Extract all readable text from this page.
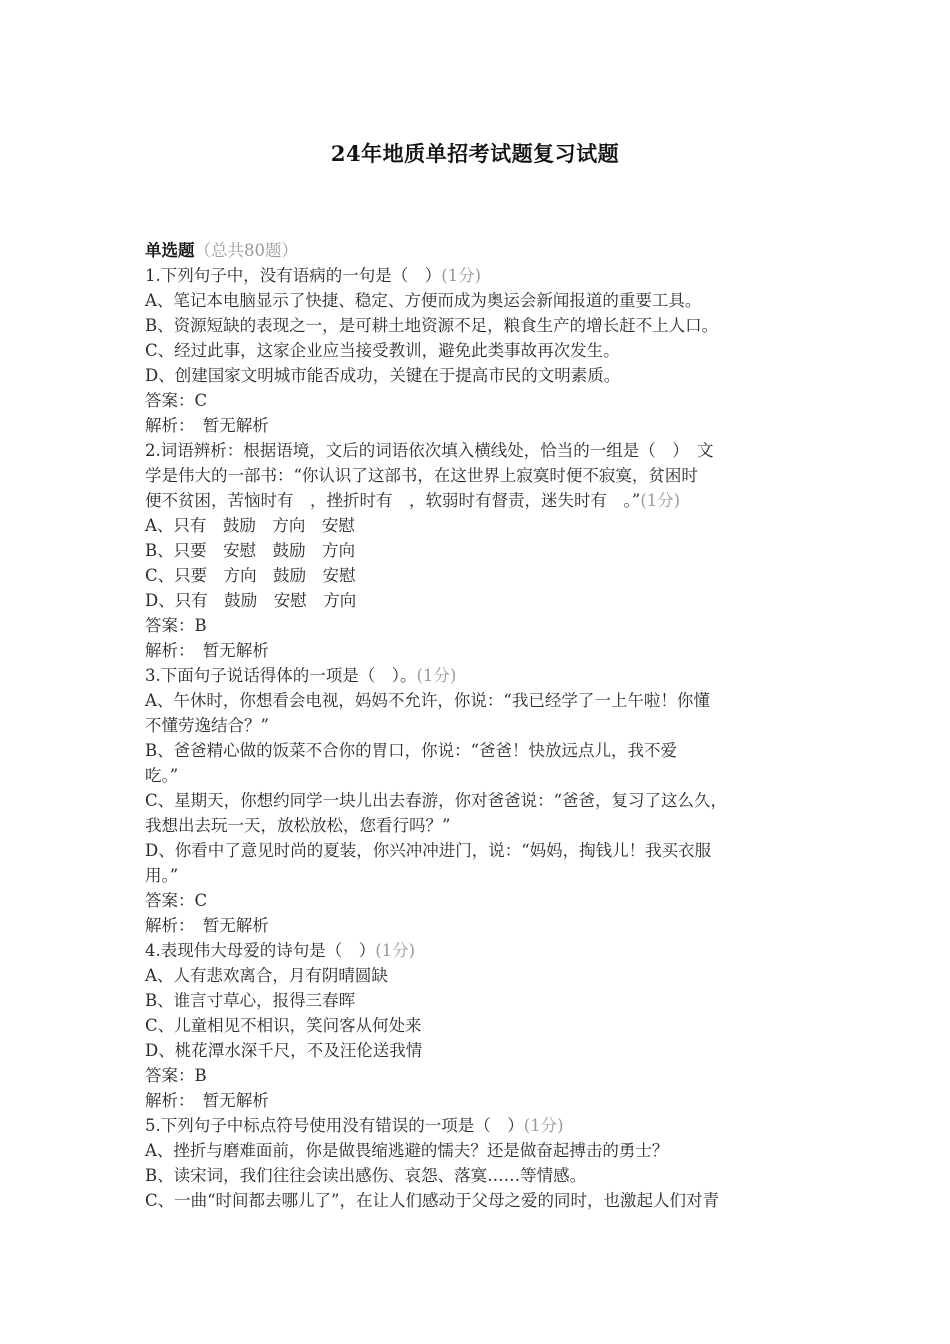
24年地质单招考试题复习试题
单选题（总共80题）
1.下列句子中，没有语病的一句是（　）(1分)
A、笔记本电脑显示了快捷、稳定、方便而成为奥运会新闻报道的重要工具。
B、资源短缺的表现之一，是可耕土地资源不足，粮食生产的增长赶不上人口。
C、经过此事，这家企业应当接受教训，避免此类事故再次发生。
D、创建国家文明城市能否成功，关键在于提高市民的文明素质。
答案：C
解析：　暂无解析
2.词语辨析：根据语境，文后的词语依次填入横线处，恰当的一组是（　）　文
学是伟大的一部书：“你认识了这部书，在这世界上寂寞时便不寂寞，贫困时
便不贫困，苦恼时有　，挫折时有　，软弱时有督责，迷失时有　。”(1分)
A、只有　鼓励　方向　安慰
B、只要　安慰　鼓励　方向
C、只要　方向　鼓励　安慰
D、只有　鼓励　安慰　方向
答案：B
解析：　暂无解析
3.下面句子说话得体的一项是（　）。(1分)
A、午休时，你想看会电视，妈妈不允许，你说：“我已经学了一上午啦！你懂
不懂劳逸结合？”
B、爸爸精心做的饭菜不合你的胃口，你说：“爸爸！快放远点儿，我不爱
吃。”
C、星期天，你想约同学一块儿出去春游，你对爸爸说：“爸爸，复习了这么久，
我想出去玩一天，放松放松，您看行吗？”
D、你看中了意见时尚的夏装，你兴冲冲进门，说：“妈妈，掏钱儿！我买衣服
用。”
答案：C
解析：　暂无解析
4.表现伟大母爱的诗句是（　）(1分)
A、人有悲欢离合，月有阴晴圆缺
B、谁言寸草心，报得三春晖
C、儿童相见不相识，笑问客从何处来
D、桃花潭水深千尺，不及汪伦送我情
答案：B
解析：　暂无解析
5.下列句子中标点符号使用没有错误的一项是（　）(1分)
A、挫折与磨难面前，你是做畏缩逃避的懦夫？还是做奋起搏击的勇士？
B、读宋词，我们往往会读出感伤、哀怨、落寞……等情感。
C、一曲“时间都去哪儿了”，在让人们感动于父母之爱的同时，也激起人们对青
